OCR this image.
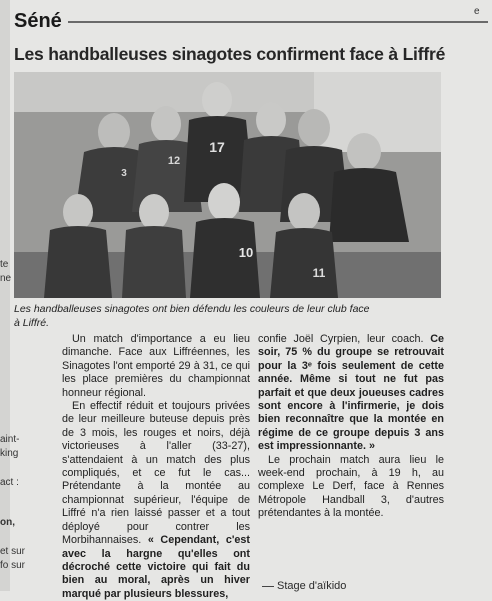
Séné
Les handballeuses sinagotes confirment face à Liffré
17
10
11
12
3
Les handballeuses sinagotes ont bien défendu les couleurs de leur club face
à Liffré.
te
ne
aint-
king
act :
on,
et sur
fo sur
e

Un match d'importance a eu lieu dimanche. Face aux Liffréennes, les Sinagotes l'ont emporté 29 à 31, ce qui les place premières du championnat honneur régional.

En effectif réduit et toujours privées de leur meilleure buteuse depuis près de 3 mois, les rouges et noirs, déjà victorieuses à l'aller (33-27), s'attendaient à un match des plus compliqués, et ce fut le cas... Prétendante à la montée au championnat supérieur, l'équipe de Liffré n'a rien laissé passer et a tout déployé pour contrer les Morbihannaises. « Cependant, c'est avec la hargne qu'elles ont décroché cette victoire qui fait du bien au moral, après un hiver marqué par plusieurs blessures,

confie Joël Cyrpien, leur coach. Ce soir, 75 % du groupe se retrouvait pour la 3ᵉ fois seulement de cette année. Même si tout ne fut pas parfait et que deux joueuses cadres sont encore à l'infirmerie, je dois bien reconnaître que la montée en régime de ce groupe depuis 3 ans est impressionnante. »

Le prochain match aura lieu le week-end prochain, à 19 h, au complexe Le Derf, face à Rennes Métropole Handball 3, d'autres prétendantes à la montée.

Stage d'aïkido
